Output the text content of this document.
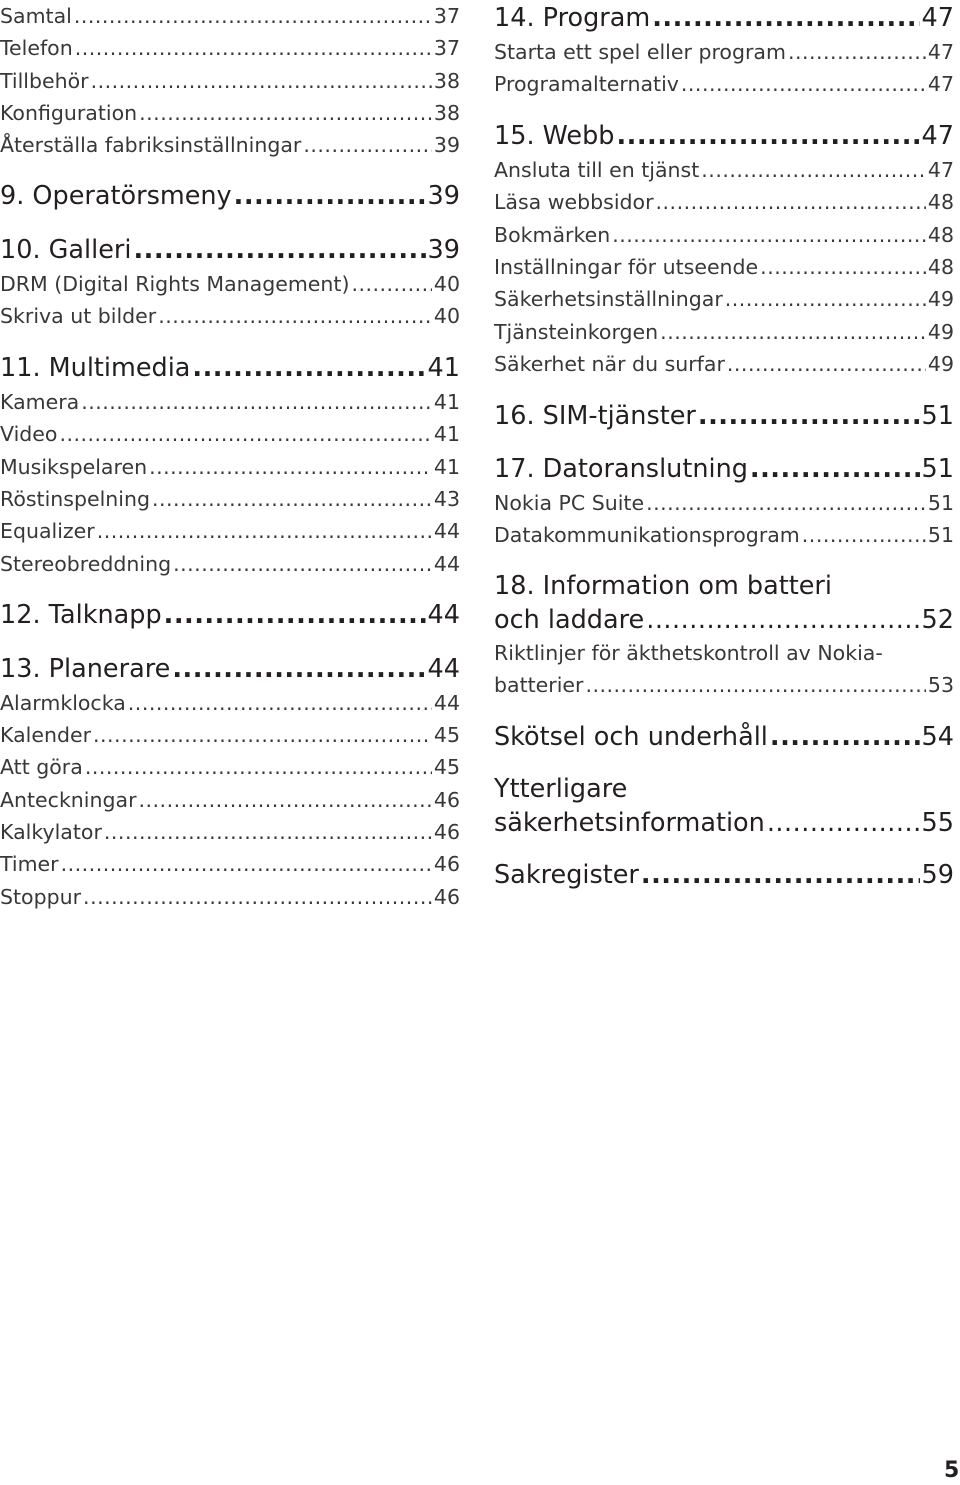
Samtal .....	37
Telefon .....	37
Tillbehör .....	38
Konfiguration .....	38
Återställa fabriksinställningar .....	39
9. Operatörsmeny .....	39
10. Galleri .....	39
DRM (Digital Rights Management) .....	40
Skriva ut bilder .....	40
11. Multimedia .....	41
Kamera .....	41
Video .....	41
Musikspelaren .....	41
Röstinspelning .....	43
Equalizer .....	44
Stereobreddning .....	44
12. Talknapp .....	44
13. Planerare .....	44
Alarmklocka .....	44
Kalender .....	45
Att göra .....	45
Anteckningar .....	46
Kalkylator .....	46
Timer .....	46
Stoppur .....	46
14. Program .....	47
Starta ett spel eller program .....	47
Programalternativ .....	47
15. Webb .....	47
Ansluta till en tjänst .....	47
Läsa webbsidor .....	48
Bokmärken .....	48
Inställningar för utseende .....	48
Säkerhetsinställningar .....	49
Tjänsteinkorgen .....	49
Säkerhet när du surfar .....	49
16. SIM-tjänster .....	51
17. Datoranslutning .....	51
Nokia PC Suite .....	51
Datakommunikationsprogram .....	51
18. Information om batteri
och laddare .....	52
Riktlinjer för äkthetskontroll av Nokia-
batterier .....	53
Skötsel och underhåll .....	54
Ytterligare
säkerhetsinformation .....	55
Sakregister .....	59
5
